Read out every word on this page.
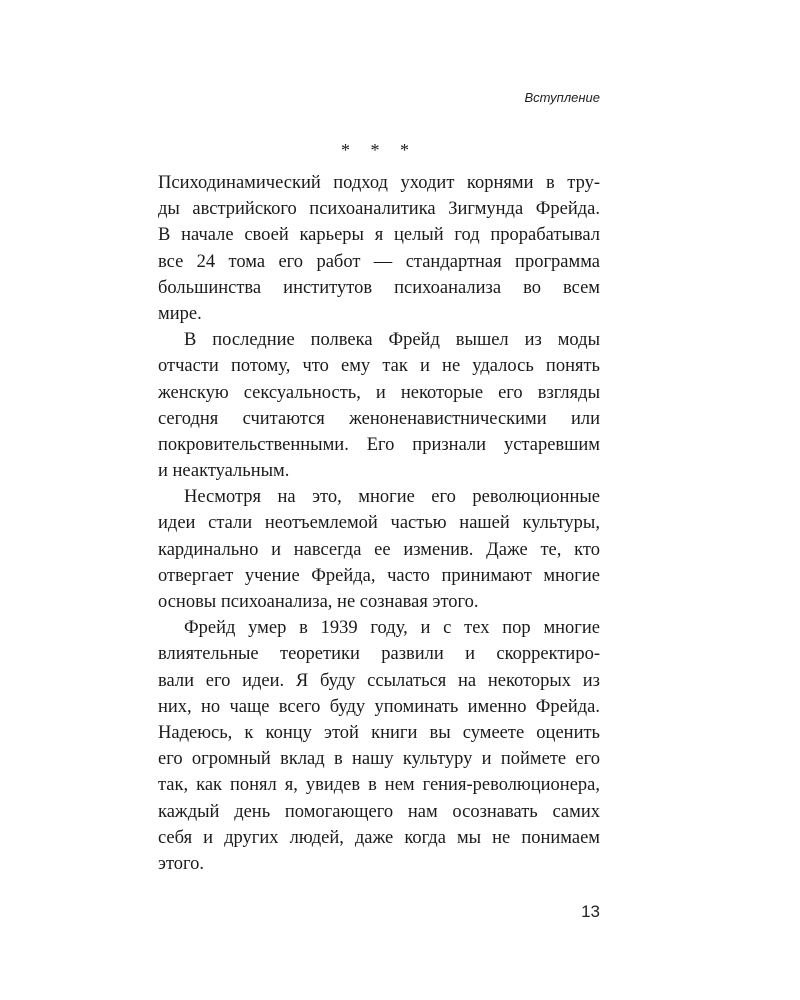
Вступление
* * *
Психодинамический подход уходит корнями в тру-
ды австрийского психоаналитика Зигмунда Фрейда.
В начале своей карьеры я целый год прорабатывал
все 24 тома его работ — стандартная программа
большинства институтов психоанализа во всем
мире.
В последние полвека Фрейд вышел из моды
отчасти потому, что ему так и не удалось понять
женскую сексуальность, и некоторые его взгляды
сегодня считаются женоненавистническими или
покровительственными. Его признали устаревшим
и неактуальным.
Несмотря на это, многие его революционные
идеи стали неотъемлемой частью нашей культуры,
кардинально и навсегда ее изменив. Даже те, кто
отвергает учение Фрейда, часто принимают многие
основы психоанализа, не сознавая этого.
Фрейд умер в 1939 году, и с тех пор многие
влиятельные теоретики развили и скорректиро-
вали его идеи. Я буду ссылаться на некоторых из
них, но чаще всего буду упоминать именно Фрейда.
Надеюсь, к концу этой книги вы сумеете оценить
его огромный вклад в нашу культуру и поймете его
так, как понял я, увидев в нем гения-революционера,
каждый день помогающего нам осознавать самих
себя и других людей, даже когда мы не понимаем
этого.
13
